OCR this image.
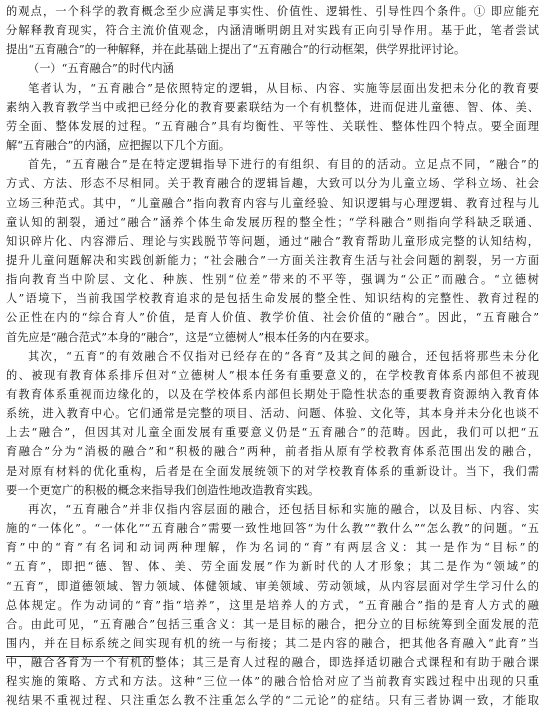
的观点，一个科学的教育概念至少应满足事实性、价值性、逻辑性、引导性四个条件。① 即应能充
分解释教育现实，符合主流价值观念，内涵清晰明朗且对实践有正向引导作用。基于此，笔者尝试
提出“五育融合”的一种解释，并在此基础上提出了“五育融合”的行动框架，供学界批评讨论。
（一）“五育融合”的时代内涵
笔者认为，“五育融合”是依照特定的逻辑，从目标、内容、实施等层面出发把未分化的教育要
素纳入教育教学当中或把已经分化的教育要素联结为一个有机整体，进而促进儿童德、智、体、美、
劳全面、整体发展的过程。“五育融合”具有均衡性、平等性、关联性、整体性四个特点。要全面理
解“五育融合”的内涵，应把握以下几个方面。
首先，“五育融合”是在特定逻辑指导下进行的有组织、有目的的活动。立足点不同，“融合”的
方式、方法、形态不尽相同。关于教育融合的逻辑旨趣，大致可以分为儿童立场、学科立场、社会
立场三种范式。其中，“儿童融合”指向教育内容与儿童经验、知识逻辑与心理逻辑、教育过程与儿
童认知的割裂，通过“融合”涵养个体生命发展历程的整全性；“学科融合”则指向学科缺乏联通、
知识碎片化、内容滞后、理论与实践脱节等问题，通过“融合”教育帮助儿童形成完整的认知结构，
提升儿童问题解决和实践创新能力；“社会融合”一方面关注教育生活与社会问题的割裂，另一方面
指向教育当中阶层、文化、种族、性别“位差”带来的不平等，强调为“公正”而融合。“立德树
人”语境下，当前我国学校教育追求的是包括生命发展的整全性、知识结构的完整性、教育过程的
公正性在内的“综合育人”价值，是育人价值、教学价值、社会价值的“融合”。因此，“五育融合”
首先应是“融合范式”本身的“融合”，这是“立德树人”根本任务的内在要求。
其次，“五育”的有效融合不仅指对已经存在的“各育”及其之间的融合，还包括将那些未分化
的、被现有教育体系排斥但对“立德树人”根本任务有重要意义的，在学校教育体系内部但不被现
有教育体系重视而边缘化的，以及在学校体系内部但长期处于隐性状态的重要教育资源纳入教育体
系统，进入教育中心。它们通常是完整的项目、活动、问题、体验、文化等，其本身并未分化也谈不
上去“融合”，但因其对儿童全面发展有重要意义仍是“五育融合”的范畴。因此，我们可以把“五
育融合”分为“消极的融合”和“积极的融合”两种，前者指从原有学校教育体系范围出发的融合，
是对原有材料的优化重构，后者是在全面发展统领下的对学校教育体系的重新设计。当下，我们需
要一个更宽广的积极的概念来指导我们创造性地改造教育实践。
再次，“五育融合”并非仅指内容层面的融合，还包括目标和实施的融合，以及目标、内容、实
施的“一体化”。“一体化”“五育融合”需要一致性地回答“为什么教”“教什么”“怎么教”的问题。“五
育”中的“育”有名词和动词两种理解，作为名词的“育”有两层含义：其一是作为“目标”的
“五育”，即把“德、智、体、美、劳全面发展”作为新时代的人才形象；其二是作为“领域”的
“五育”，即道德领域、智力领域、体健领域、审美领域、劳动领域，从内容层面对学生学习什么的
总体规定。作为动词的“育”指“培养”，这里是培养人的方式，“五育融合”指的是育人方式的融
合。由此可见，“五育融合”包括三重含义：其一是目标的融合，把分立的目标统筹到全面发展的范
围内，并在目标系统之间实现有机的统一与衔接；其二是内容的融合，把其他各育融入“此育”当
中，融合各育为一个有机的整体；其三是育人过程的融合，即选择适切融合式课程和有助于融合课
程实施的策略、方式和方法。这种“三位一体”的融合恰恰对应了当前教育实践过程中出现的只重
视结果不重视过程、只注重怎么教不注重怎么学的“二元论”的症结。只有三者协调一致，才能取
